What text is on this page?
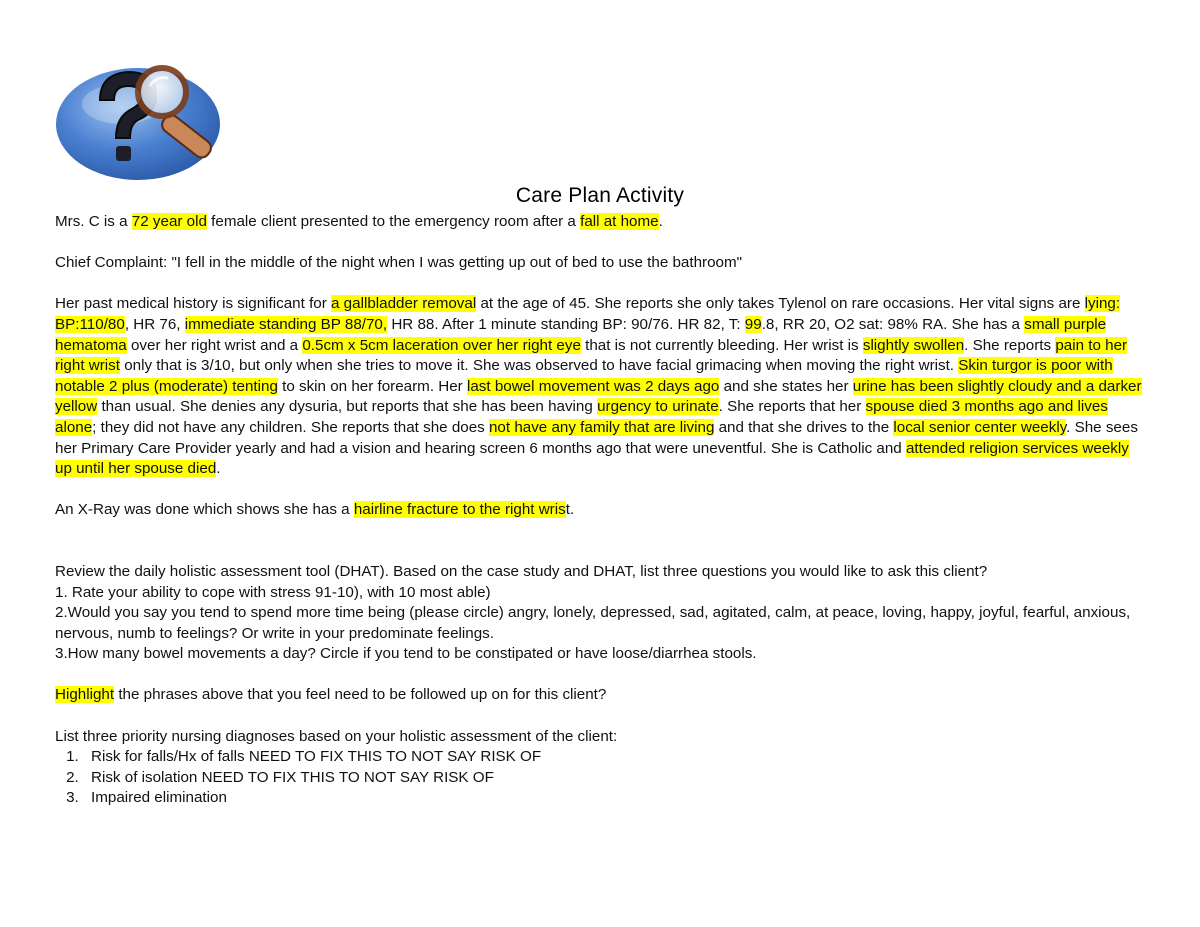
Care Plan Activity

Mrs. C is a 72 year old female client presented to the emergency room after a fall at home.

Chief Complaint: "I fell in the middle of the night when I was getting up out of bed to use the bathroom"

Her past medical history is significant for a gallbladder removal at the age of 45. She reports she only takes Tylenol on rare occasions. Her vital signs are lying: BP:110/80, HR 76, immediate standing BP 88/70, HR 88. After 1 minute standing BP: 90/76. HR 82, T: 99.8, RR 20, O2 sat: 98% RA. She has a small purple hematoma over her right wrist and a 0.5cm x 5cm laceration over her right eye that is not currently bleeding. Her wrist is slightly swollen. She reports pain to her right wrist only that is 3/10, but only when she tries to move it. She was observed to have facial grimacing when moving the right wrist. Skin turgor is poor with notable 2 plus (moderate) tenting to skin on her forearm. Her last bowel movement was 2 days ago and she states her urine has been slightly cloudy and a darker yellow than usual. She denies any dysuria, but reports that she has been having urgency to urinate. She reports that her spouse died 3 months ago and lives alone; they did not have any children. She reports that she does not have any family that are living and that she drives to the local senior center weekly. She sees her Primary Care Provider yearly and had a vision and hearing screen 6 months ago that were uneventful. She is Catholic and attended religion services weekly up until her spouse died.

An X-Ray was done which shows she has a hairline fracture to the right wrist.

Review the daily holistic assessment tool (DHAT). Based on the case study and DHAT, list three questions you would like to ask this client?

1. Rate your ability to cope with stress 91-10), with 10 most able)

2.Would you say you tend to spend more time being (please circle) angry, lonely, depressed, sad, agitated, calm, at peace, loving, happy, joyful, fearful, anxious, nervous, numb to feelings? Or write in your predominate feelings.

3.How many bowel movements a day? Circle if you tend to be constipated or have loose/diarrhea stools.

Highlight the phrases above that you feel need to be followed up on for this client?

List three priority nursing diagnoses based on your holistic assessment of the client:

1. Risk for falls/Hx of falls NEED TO FIX THIS TO NOT SAY RISK OF
2. Risk of isolation NEED TO FIX THIS TO NOT SAY RISK OF
3. Impaired elimination
